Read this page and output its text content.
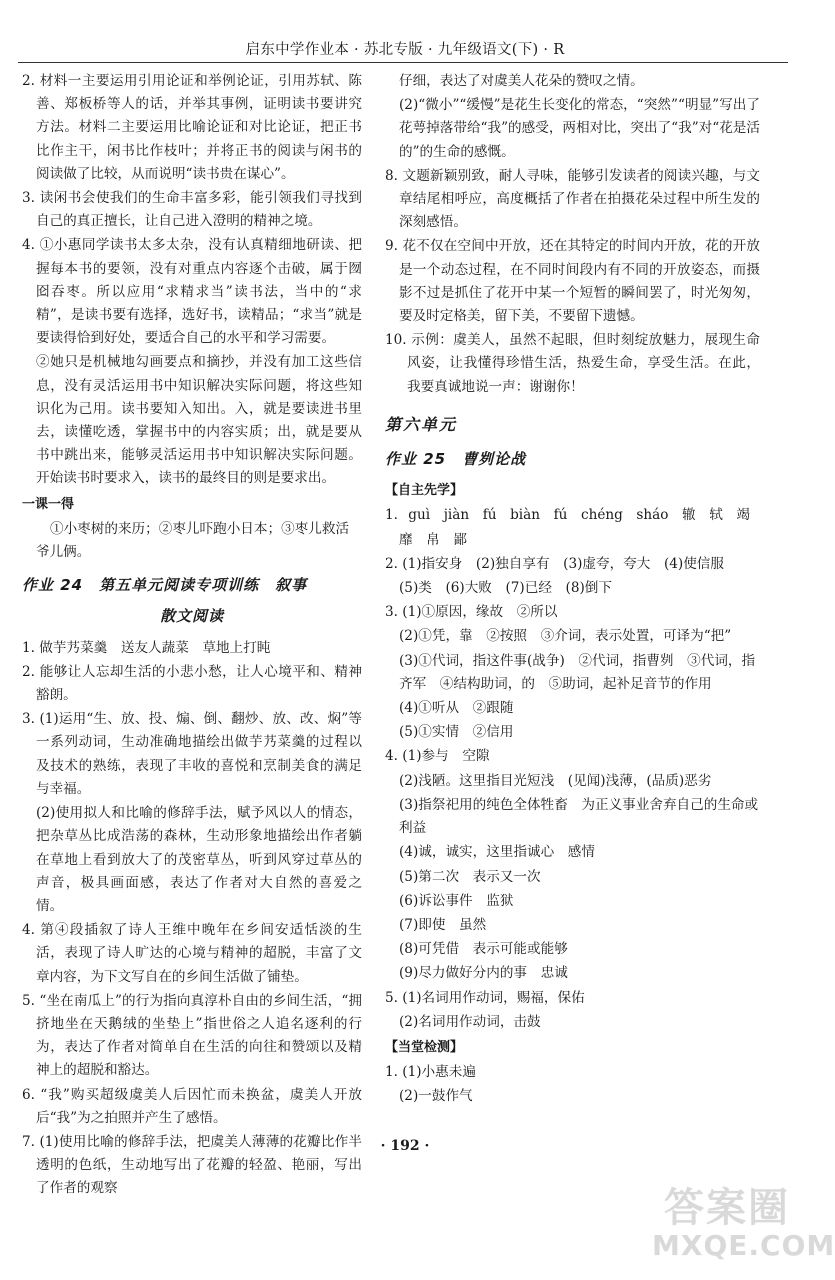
启东中学作业本 · 苏北专版 · 九年级语文(下) · R

2. 材料一主要运用引用论证和举例论证，引用苏轼、陈善、郑板桥等人的话，并举其事例，证明读书要讲究方法。材料二主要运用比喻论证和对比论证，把正书比作主干，闲书比作枝叶；并将正书的阅读与闲书的阅读做了比较，从而说明“读书贵在谋心”。

3. 读闲书会使我们的生命丰富多彩，能引领我们寻找到自己的真正擅长，让自己进入澄明的精神之境。

4. ①小惠同学读书太多太杂，没有认真精细地研读、把握每本书的要领，没有对重点内容逐个击破，属于囫囵吞枣。所以应用“求精求当”读书法，当中的“求精”，是读书要有选择，选好书，读精品；“求当”就是要读得恰到好处，要适合自己的水平和学习需要。

②她只是机械地勾画要点和摘抄，并没有加工这些信息，没有灵活运用书中知识解决实际问题，将这些知识化为己用。读书要知入知出。入，就是要读进书里去，读懂吃透，掌握书中的内容实质；出，就是要从书中跳出来，能够灵活运用书中知识解决实际问题。开始读书时要求入，读书的最终目的则是要求出。

一课一得

①小枣树的来历；②枣儿吓跑小日本；③枣儿救活爷儿俩。

作业 24　第五单元阅读专项训练　叙事
散文阅读

1. 做芋艿菜羹　送友人蔬菜　草地上打盹

2. 能够让人忘却生活的小悲小愁，让人心境平和、精神豁朗。

3. (1)运用“生、放、投、煽、倒、翻炒、放、改、焖”等一系列动词，生动准确地描绘出做芋艿菜羹的过程以及技术的熟练，表现了丰收的喜悦和烹制美食的满足与幸福。

(2)使用拟人和比喻的修辞手法，赋予风以人的情态，把杂草丛比成浩荡的森林，生动形象地描绘出作者躺在草地上看到放大了的茂密草丛，听到风穿过草丛的声音，极具画面感，表达了作者对大自然的喜爱之情。

4. 第④段插叙了诗人王维中晚年在乡间安适恬淡的生活，表现了诗人旷达的心境与精神的超脱，丰富了文章内容，为下文写自在的乡间生活做了铺垫。

5. “坐在南瓜上”的行为指向真淳朴自由的乡间生活，“拥挤地坐在天鹅绒的坐垫上”指世俗之人追名逐利的行为，表达了作者对简单自在生活的向往和赞颂以及精神上的超脱和豁达。

6. “我”购买超级虞美人后因忙而未换盆，虞美人开放后“我”为之拍照并产生了感悟。

7. (1)使用比喻的修辞手法，把虞美人薄薄的花瓣比作半透明的色纸，生动地写出了花瓣的轻盈、艳丽，写出了作者的观察

仔细，表达了对虞美人花朵的赞叹之情。

(2)“微小”“缓慢”是花生长变化的常态，“突然”“明显”写出了花萼掉落带给“我”的感受，两相对比，突出了“我”对“花是活的”的生命的感慨。

8. 文题新颖别致，耐人寻味，能够引发读者的阅读兴趣，与文章结尾相呼应，高度概括了作者在拍摄花朵过程中所生发的深刻感悟。

9. 花不仅在空间中开放，还在其特定的时间内开放，花的开放是一个动态过程，在不同时间段内有不同的开放姿态，而摄影不过是抓住了花开中某一个短暂的瞬间罢了，时光匆匆，要及时定格美，留下美，不要留下遗憾。

10. 示例：虞美人，虽然不起眼，但时刻绽放魅力，展现生命风姿，让我懂得珍惜生活，热爱生命，享受生活。在此，我要真诚地说一声：谢谢你！

第六单元
作业 25　曹刿论战

【自主先学】

1. guì　jiàn　fú　biàn　fú　chéng　sháo　辙　轼　竭

靡　帛　鄙

2. (1)指安身　(2)独自享有　(3)虚夸，夸大　(4)使信服

(5)类　(6)大败　(7)已经　(8)倒下

3. (1)①原因，缘故　②所以

(2)①凭，靠　②按照　③介词，表示处置，可译为“把”

(3)①代词，指这件事(战争)　②代词，指曹刿　③代词，指齐军　④结构助词，的　⑤助词，起补足音节的作用

(4)①听从　②跟随

(5)①实情　②信用

4. (1)参与　空隙

(2)浅陋。这里指目光短浅　(见闻)浅薄，(品质)恶劣

(3)指祭祀用的纯色全体牲畜　为正义事业舍弃自己的生命或利益

(4)诚，诚实，这里指诚心　感情

(5)第二次　表示又一次

(6)诉讼事件　监狱

(7)即使　虽然

(8)可凭借　表示可能或能够

(9)尽力做好分内的事　忠诚

5. (1)名词用作动词，赐福，保佑

(2)名词用作动词，击鼓

【当堂检测】

1. (1)小惠未遍

(2)一鼓作气

· 192 ·
答案圈
MXQE.COM
